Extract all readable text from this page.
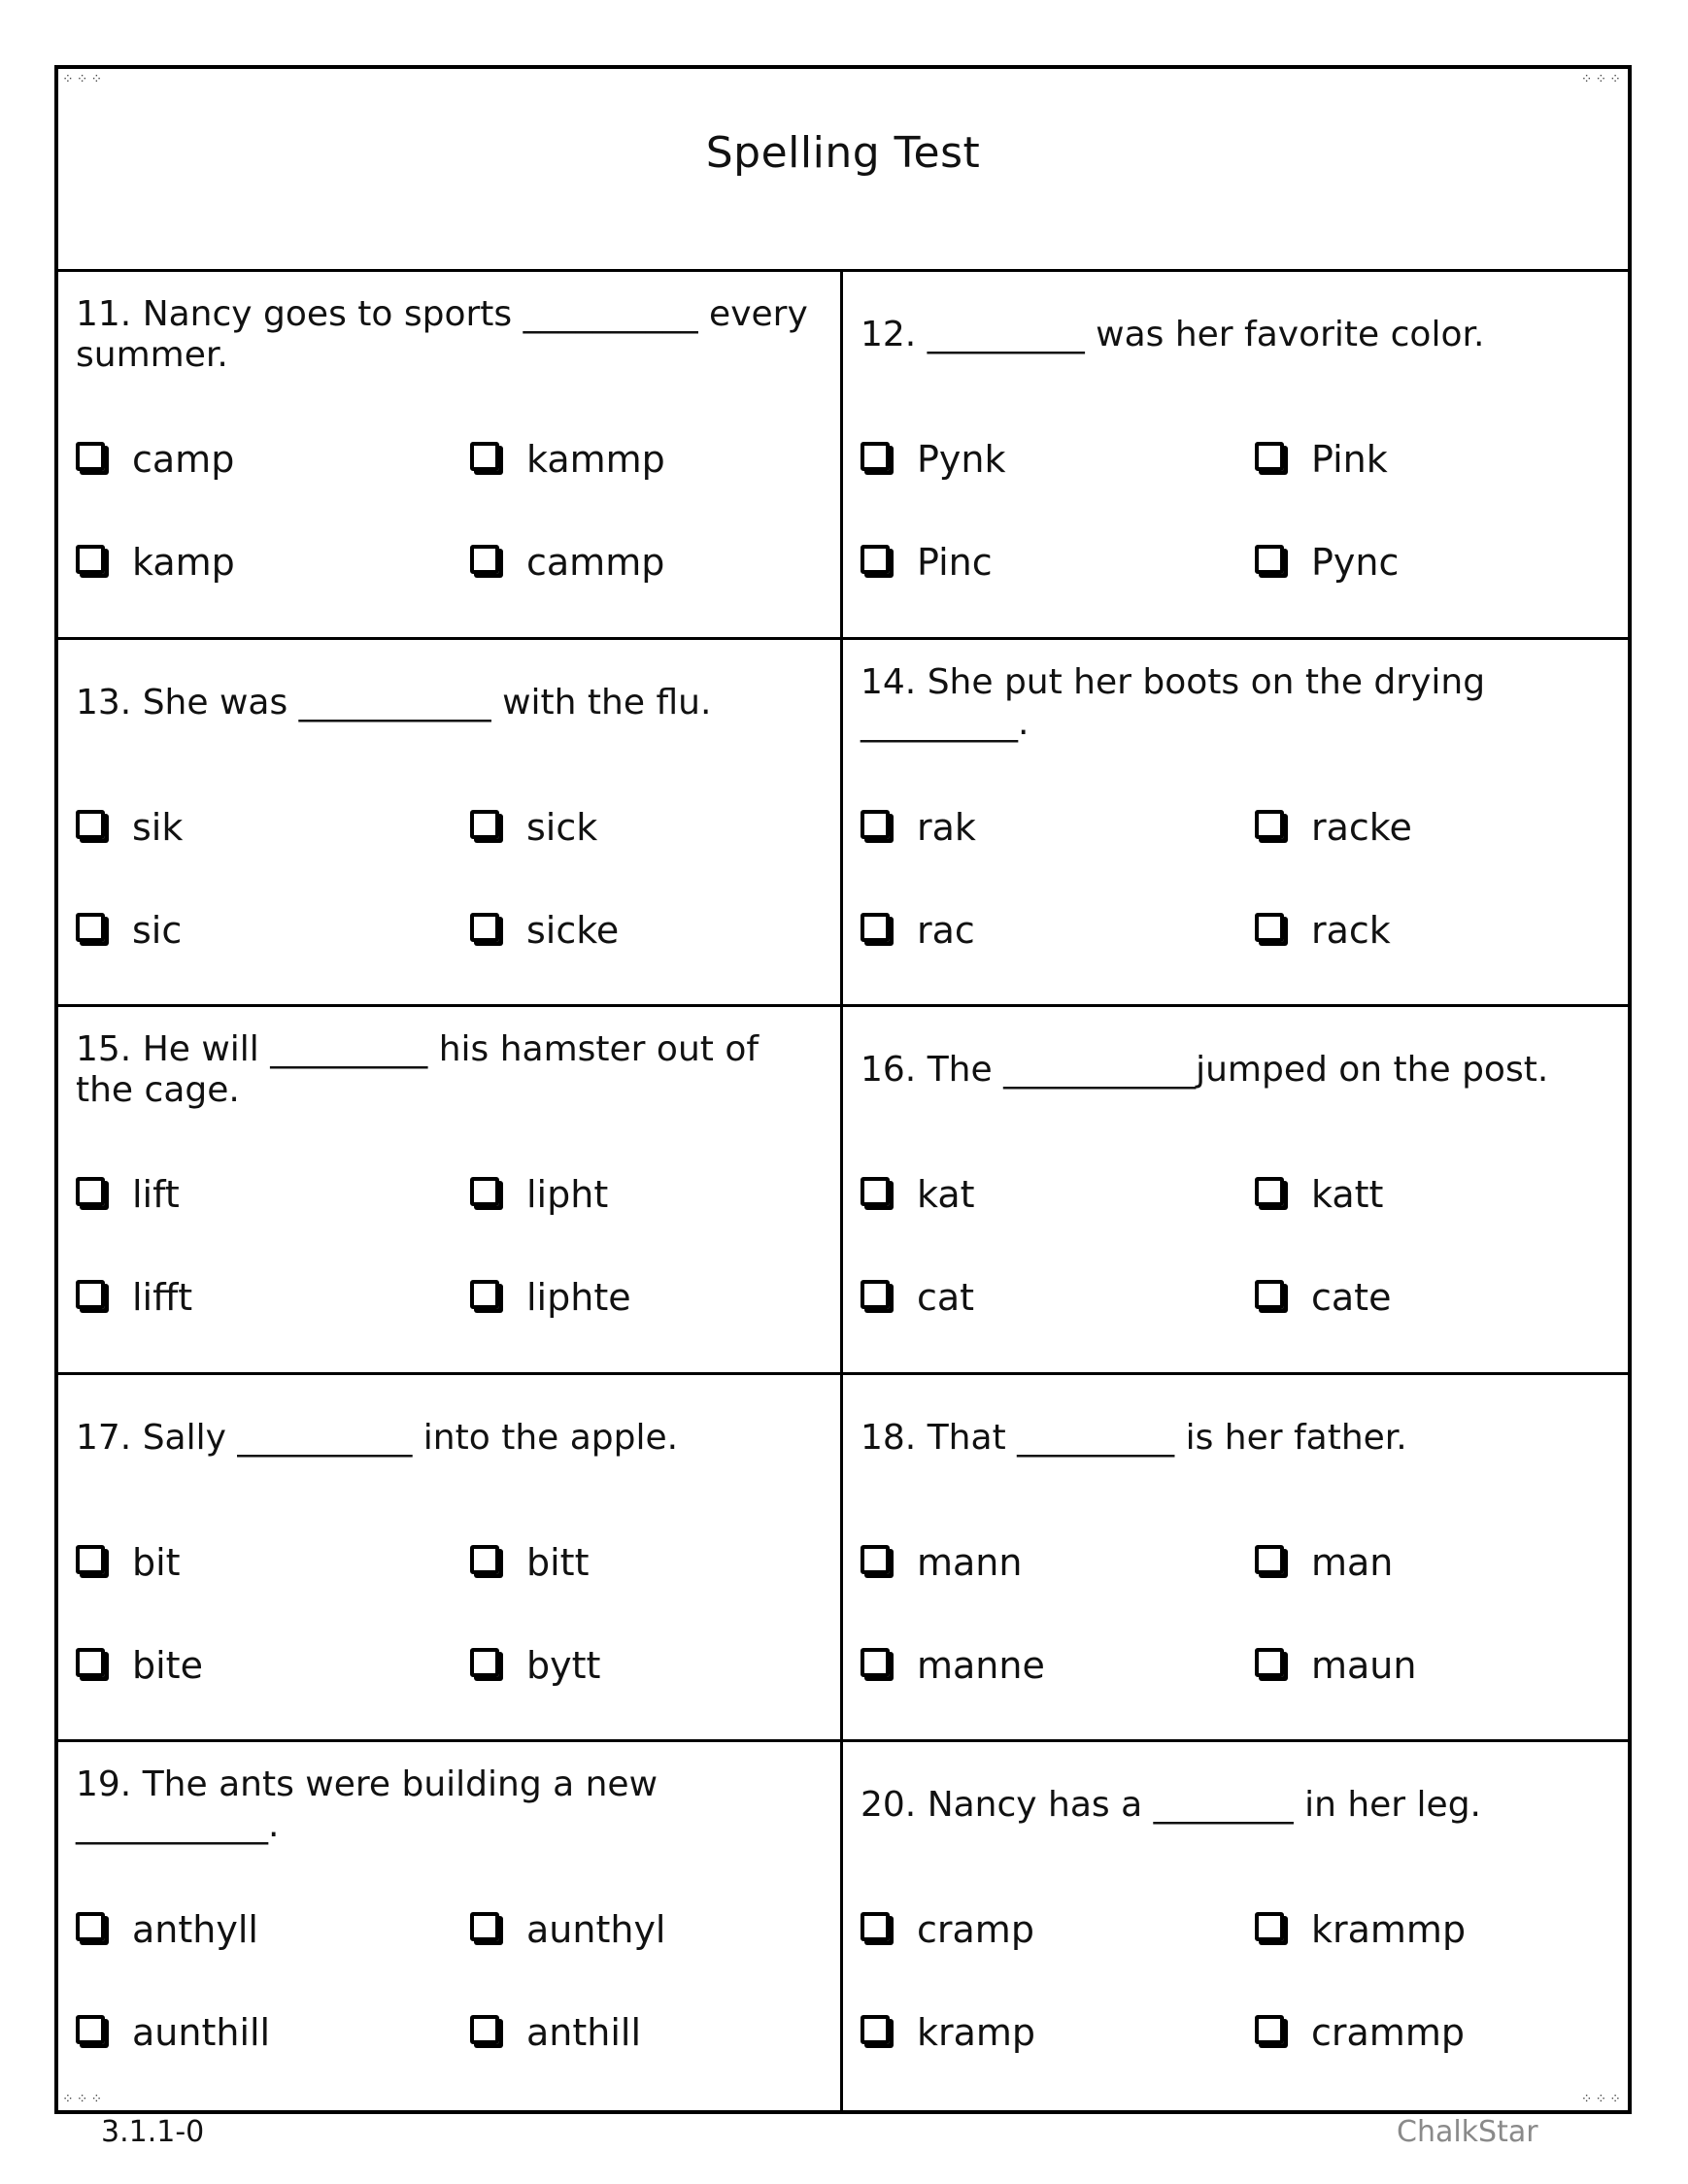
⁘⁘⁘	⁘⁘⁘
Spelling Test
11. Nancy goes to sports __________ every summer.
camp	kammp
kamp	cammp
12. _________ was her favorite color.
Pynk	Pink
Pinc	Pync
13. She was ___________ with the flu.
sik	sick
sic	sicke
14. She put her boots on the drying _________.
rak	racke
rac	rack
15. He will _________ his hamster out of the cage.
lift	lipht
lifft	liphte
16. The ___________jumped on the post.
kat	katt
cat	cate
17. Sally __________ into the apple.
bit	bitt
bite	bytt
18. That _________ is her father.
mann	man
manne	maun
19. The ants were building a new ___________.
anthyll	aunthyl
aunthill	anthill
20. Nancy has a ________ in her leg.
cramp	krammp
kramp	crammp
⁘⁘⁘	⁘⁘⁘
3.1.1-0	ChalkStar
